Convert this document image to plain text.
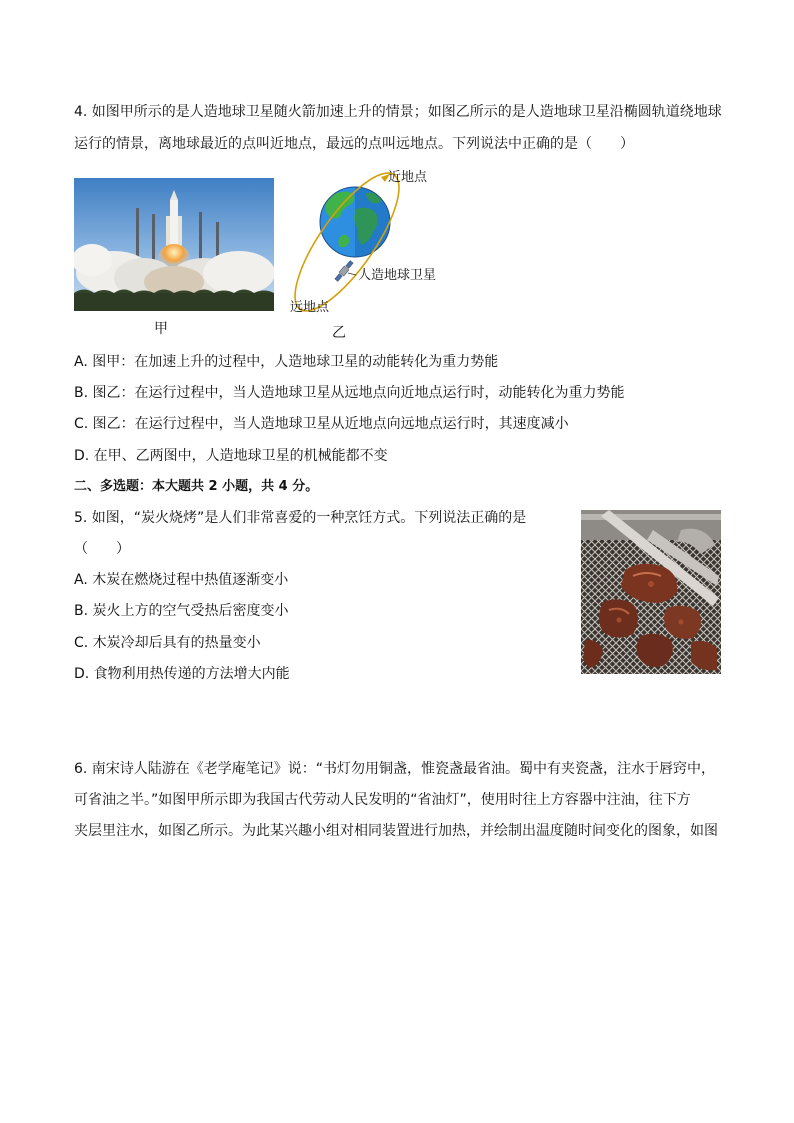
4. 如图甲所示的是人造地球卫星随火箭加速上升的情景；如图乙所示的是人造地球卫星沿椭圆轨道绕地球
运行的情景，离地球最近的点叫近地点，最远的点叫远地点。下列说法中正确的是（　　）
甲
近地点
人造地球卫星
远地点
乙
A. 图甲：在加速上升的过程中，人造地球卫星的动能转化为重力势能
B. 图乙：在运行过程中，当人造地球卫星从远地点向近地点运行时，动能转化为重力势能
C. 图乙：在运行过程中，当人造地球卫星从近地点向远地点运行时，其速度减小
D. 在甲、乙两图中，人造地球卫星的机械能都不变
二、多选题：本大题共 2 小题，共 4 分。
5. 如图，“炭火烧烤”是人们非常喜爱的一种烹饪方式。下列说法正确的是
（　　）
A. 木炭在燃烧过程中热值逐渐变小
B. 炭火上方的空气受热后密度变小
C. 木炭冷却后具有的热量变小
D. 食物利用热传递的方法增大内能
6. 南宋诗人陆游在《老学庵笔记》说：“书灯勿用铜盏，惟瓷盏最省油。蜀中有夹瓷盏，注水于唇窍中，
可省油之半。”如图甲所示即为我国古代劳动人民发明的“省油灯”，使用时往上方容器中注油，往下方
夹层里注水，如图乙所示。为此某兴趣小组对相同装置进行加热，并绘制出温度随时间变化的图象，如图
